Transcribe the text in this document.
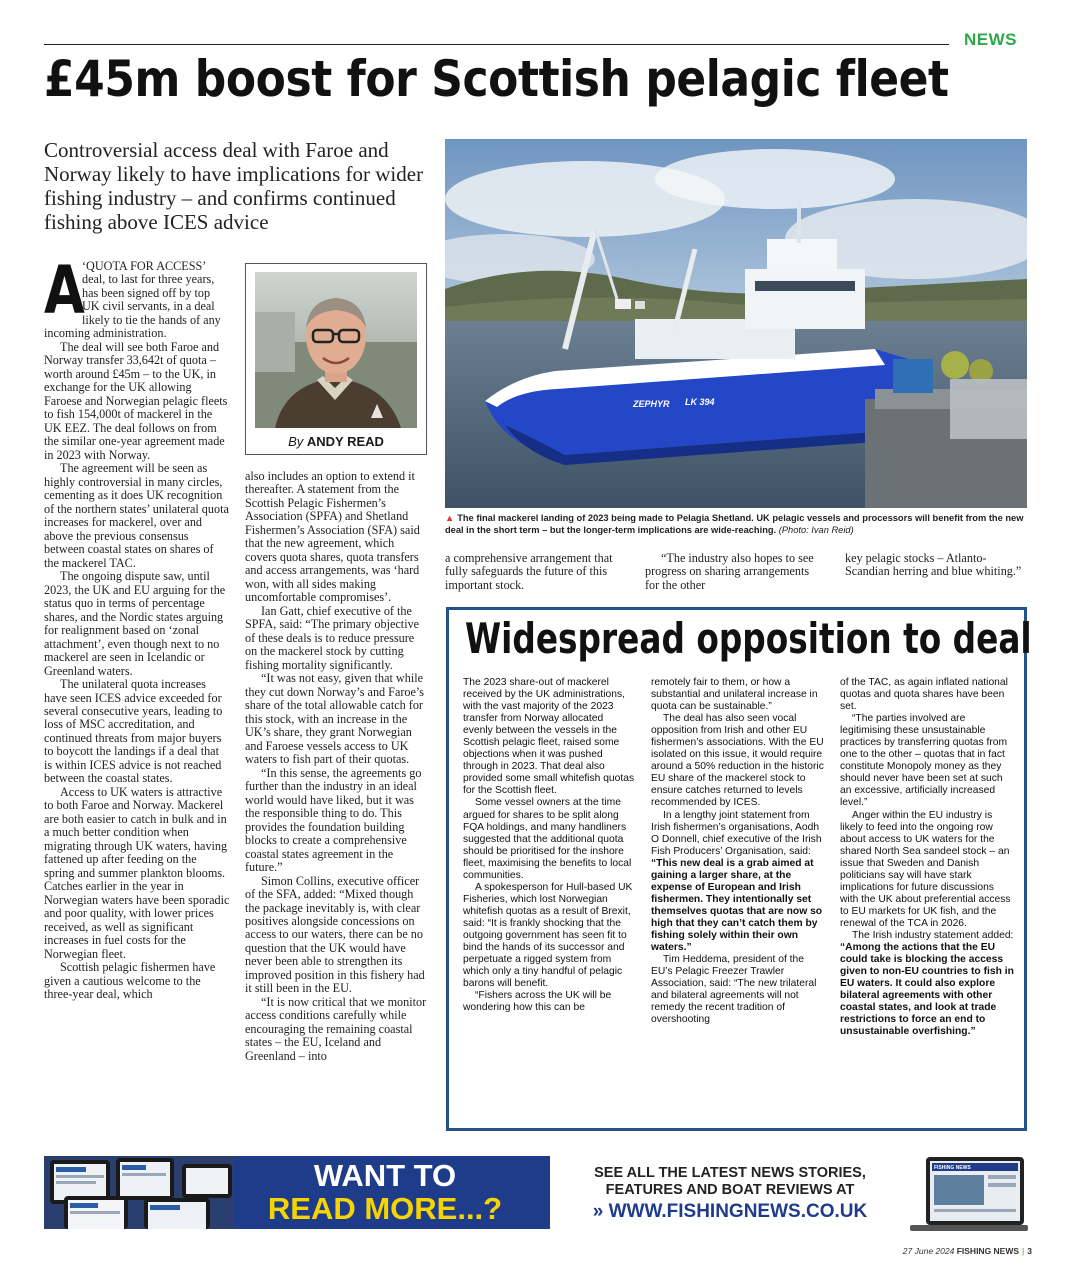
NEWS
£45m boost for Scottish pelagic fleet
Controversial access deal with Faroe and Norway likely to have implications for wider fishing industry – and confirms continued fishing above ICES advice
By ANDY READ
A

‘QUOTA FOR ACCESS’ deal, to last for three years, has been signed off by top UK civil servants, in a deal likely to tie the hands of any incoming administration.

The deal will see both Faroe and Norway transfer 33,642t of quota – worth around £45m – to the UK, in exchange for the UK allowing Faroese and Norwegian pelagic fleets to fish 154,000t of mackerel in the UK EEZ. The deal follows on from the similar one-year agreement made in 2023 with Norway.

The agreement will be seen as highly controversial in many circles, cementing as it does UK recognition of the northern states’ unilateral quota increases for mackerel, over and above the previous consensus between coastal states on shares of the mackerel TAC.

The ongoing dispute saw, until 2023, the UK and EU arguing for the status quo in terms of percentage shares, and the Nordic states arguing for realignment based on ‘zonal attachment’, even though next to no mackerel are seen in Icelandic or Greenland waters.

The unilateral quota increases have seen ICES advice exceeded for several consecutive years, leading to loss of MSC accreditation, and continued threats from major buyers to boycott the landings if a deal that is within ICES advice is not reached between the coastal states.

Access to UK waters is attractive to both Faroe and Norway. Mackerel are both easier to catch in bulk and in a much better condition when migrating through UK waters, having fattened up after feeding on the spring and summer plankton blooms. Catches earlier in the year in Norwegian waters have been sporadic and poor quality, with lower prices received, as well as significant increases in fuel costs for the Norwegian fleet.

Scottish pelagic fishermen have given a cautious welcome to the three-year deal, which

also includes an option to extend it thereafter. A statement from the Scottish Pelagic Fishermen’s Association (SPFA) and Shetland Fishermen’s Association (SFA) said that the new agreement, which covers quota shares, quota transfers and access arrangements, was ‘hard won, with all sides making uncomfortable compromises’.

Ian Gatt, chief executive of the SPFA, said: “The primary objective of these deals is to reduce pressure on the mackerel stock by cutting fishing mortality significantly.

“It was not easy, given that while they cut down Norway’s and Faroe’s share of the total allowable catch for this stock, with an increase in the UK’s share, they grant Norwegian and Faroese vessels access to UK waters to fish part of their quotas.

“In this sense, the agreements go further than the industry in an ideal world would have liked, but it was the responsible thing to do. This provides the foundation building blocks to create a comprehensive coastal states agreement in the future.”

Simon Collins, executive officer of the SFA, added: “Mixed though the package inevitably is, with clear positives alongside concessions on access to our waters, there can be no question that the UK would have never been able to strengthen its improved position in this fishery had it still been in the EU.

“It is now critical that we monitor access conditions carefully while encouraging the remaining coastal states – the EU, Iceland and Greenland – into

ZEPHYR LK 394
▲ The final mackerel landing of 2023 being made to Pelagia Shetland. UK pelagic vessels and processors will benefit from the new deal in the short term – but the longer-term implications are wide-reaching. (Photo: Ivan Reid)

a comprehensive arrangement that fully safeguards the future of this important stock.

“The industry also hopes to see progress on sharing arrangements for the other

key pelagic stocks – Atlanto-Scandian herring and blue whiting.”

Widespread opposition to deal

The 2023 share-out of mackerel received by the UK administrations, with the vast majority of the 2023 transfer from Norway allocated evenly between the vessels in the Scottish pelagic fleet, raised some objections when it was pushed through in 2023. That deal also provided some small whitefish quotas for the Scottish fleet.

Some vessel owners at the time argued for shares to be split along FQA holdings, and many handliners suggested that the additional quota should be prioritised for the inshore fleet, maximising the benefits to local communities.

A spokesperson for Hull-based UK Fisheries, which lost Norwegian whitefish quotas as a result of Brexit, said: “It is frankly shocking that the outgoing government has seen fit to bind the hands of its successor and perpetuate a rigged system from which only a tiny handful of pelagic barons will benefit.

“Fishers across the UK will be wondering how this can be

remotely fair to them, or how a substantial and unilateral increase in quota can be sustainable.”

The deal has also seen vocal opposition from Irish and other EU fishermen’s associations. With the EU isolated on this issue, it would require around a 50% reduction in the historic EU share of the mackerel stock to ensure catches returned to levels recommended by ICES.

In a lengthy joint statement from Irish fishermen’s organisations, Aodh O Donnell, chief executive of the Irish Fish Producers’ Organisation, said:

“This new deal is a grab aimed at gaining a larger share, at the expense of European and Irish fishermen. They intentionally set themselves quotas that are now so high that they can’t catch them by fishing solely within their own waters.”

Tim Heddema, president of the EU’s Pelagic Freezer Trawler Association, said: “The new trilateral and bilateral agreements will not remedy the recent tradition of overshooting

of the TAC, as again inflated national quotas and quota shares have been set.

“The parties involved are legitimising these unsustainable practices by transferring quotas from one to the other – quotas that in fact constitute Monopoly money as they should never have been set at such an excessive, artificially increased level.”

Anger within the EU industry is likely to feed into the ongoing row about access to UK waters for the shared North Sea sandeel stock – an issue that Sweden and Danish politicians say will have stark implications for future discussions with the UK about preferential access to EU markets for UK fish, and the renewal of the TCA in 2026.

The Irish industry statement added:

“Among the actions that the EU could take is blocking the access given to non-EU countries to fish in EU waters. It could also explore bilateral agreements with other coastal states, and look at trade restrictions to force an end to unsustainable overfishing.”

WANT TO
READ MORE...?
SEE ALL THE LATEST NEWS STORIES, FEATURES AND BOAT REVIEWS AT
» WWW.FISHINGNEWS.CO.UK
FISHING NEWS
27 June 2024 FISHING NEWS | 3
